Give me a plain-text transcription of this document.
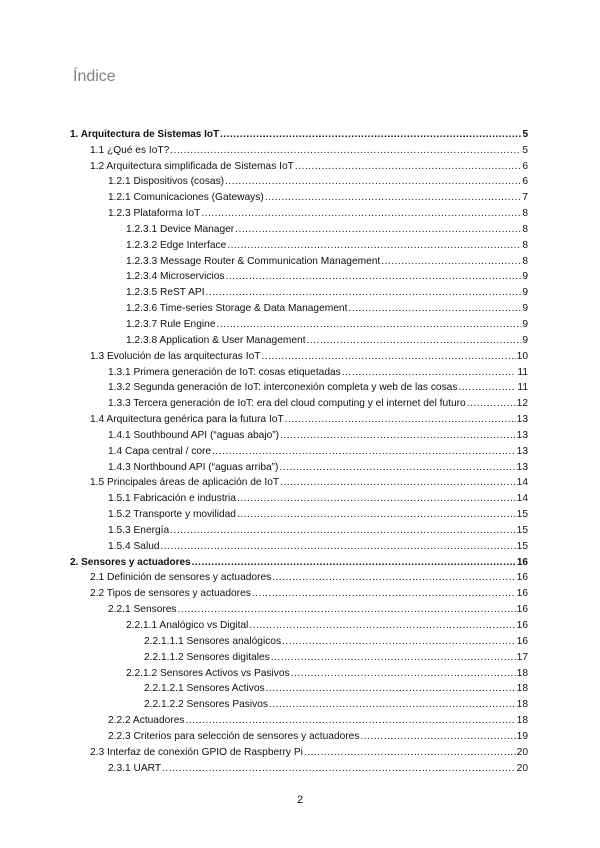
Índice
1. Arquitectura de Sistemas IoT .....	5
1.1 ¿Qué es IoT? .....	5
1.2 Arquitectura simplificada de Sistemas IoT .....	6
1.2.1 Dispositivos (cosas) .....	6
1.2.1 Comunicaciones (Gateways) .....	7
1.2.3 Plataforma IoT .....	8
1.2.3.1 Device Manager .....	8
1.2.3.2 Edge Interface .....	8
1.2.3.3 Message Router & Communication Management .....	8
1.2.3.4 Microservicios .....	9
1.2.3.5 ReST API .....	9
1.2.3.6 Time-series Storage & Data Management .....	9
1.2.3.7 Rule Engine .....	9
1.2.3.8 Application & User Management .....	9
1.3 Evolución de las arquitecturas IoT .....	10
1.3.1 Primera generación de IoT: cosas etiquetadas .....	11
1.3.2 Segunda generación de IoT: interconexión completa y web de las cosas .....	11
1.3.3 Tercera generación de IoT: era del cloud computing y el internet del futuro .....	12
1.4 Arquitectura genérica para la futura IoT .....	13
1.4.1 Southbound API (“aguas abajo”) .....	13
1.4 Capa central / core .....	13
1.4.3 Northbound API (“aguas arriba”) .....	13
1.5 Principales áreas de aplicación de IoT .....	14
1.5.1 Fabricación e industria .....	14
1.5.2 Transporte y movilidad .....	15
1.5.3 Energía .....	15
1.5.4 Salud .....	15
2. Sensores y actuadores .....	16
2.1 Definición de sensores y actuadores .....	16
2.2 Tipos de sensores y actuadores .....	16
2.2.1 Sensores .....	16
2.2.1.1 Analógico vs Digital .....	16
2.2.1.1.1 Sensores analógicos .....	16
2.2.1.1.2 Sensores digitales .....	17
2.2.1.2 Sensores Activos vs Pasivos .....	18
2.2.1.2.1 Sensores Activos .....	18
2.2.1.2.2 Sensores Pasivos .....	18
2.2.2 Actuadores .....	18
2.2.3 Criterios para selección de sensores y actuadores .....	19
2.3 Interfaz de conexión GPIO de Raspberry Pi .....	20
2.3.1 UART .....	20
2
